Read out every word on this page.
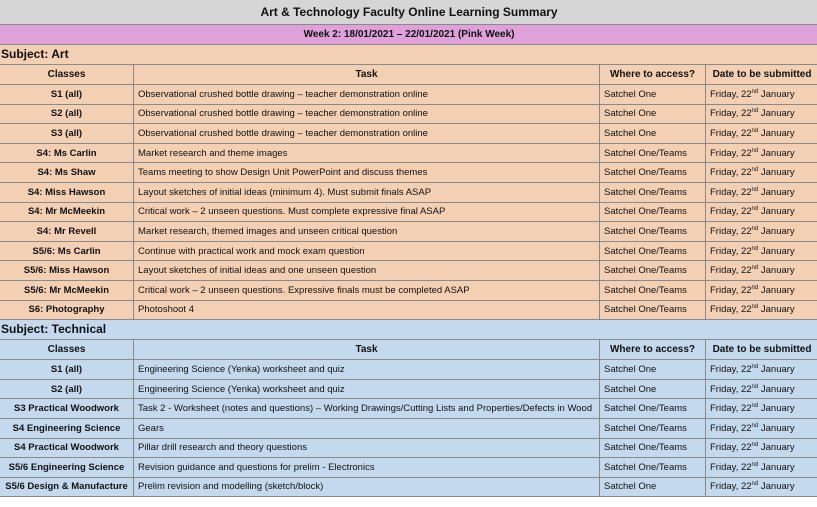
Art & Technology Faculty Online Learning Summary			
Week 2: 18/01/2021 – 22/01/2021 (Pink Week)			
Subject: Art			
Classes	Task	Where to access?	Date to be submitted
S1 (all)	Observational crushed bottle drawing – teacher demonstration online	Satchel One	Friday, 22nd January
S2 (all)	Observational crushed bottle drawing – teacher demonstration online	Satchel One	Friday, 22nd January
S3 (all)	Observational crushed bottle drawing – teacher demonstration online	Satchel One	Friday, 22nd January
S4: Ms Carlin	Market research and theme images	Satchel One/Teams	Friday, 22nd January
S4: Ms Shaw	Teams meeting to show Design Unit PowerPoint and discuss themes	Satchel One/Teams	Friday, 22nd January
S4: Miss Hawson	Layout sketches of initial ideas (minimum 4). Must submit finals ASAP	Satchel One/Teams	Friday, 22nd January
S4: Mr McMeekin	Critical work – 2 unseen questions. Must complete expressive final ASAP	Satchel One/Teams	Friday, 22nd January
S4: Mr Revell	Market research, themed images and unseen critical question	Satchel One/Teams	Friday, 22nd January
S5/6: Ms Carlin	Continue with practical work and mock exam question	Satchel One/Teams	Friday, 22nd January
S5/6: Miss Hawson	Layout sketches of initial ideas and one unseen question	Satchel One/Teams	Friday, 22nd January
S5/6: Mr McMeekin	Critical work – 2 unseen questions. Expressive finals must be completed ASAP	Satchel One/Teams	Friday, 22nd January
S6: Photography	Photoshoot 4	Satchel One/Teams	Friday, 22nd January
Subject: Technical			
Classes	Task	Where to access?	Date to be submitted
S1 (all)	Engineering Science (Yenka) worksheet and quiz	Satchel One	Friday, 22nd January
S2 (all)	Engineering Science (Yenka) worksheet and quiz	Satchel One	Friday, 22nd January
S3 Practical Woodwork	Task 2 - Worksheet (notes and questions) – Working Drawings/Cutting Lists and Properties/Defects in Wood	Satchel One/Teams	Friday, 22nd January
S4 Engineering Science	Gears	Satchel One/Teams	Friday, 22nd January
S4 Practical Woodwork	Pillar drill research and theory questions	Satchel One/Teams	Friday, 22nd January
S5/6 Engineering Science	Revision guidance and questions for prelim - Electronics	Satchel One/Teams	Friday, 22nd January
S5/6 Design & Manufacture	Prelim revision and modelling (sketch/block)	Satchel One	Friday, 22nd January
